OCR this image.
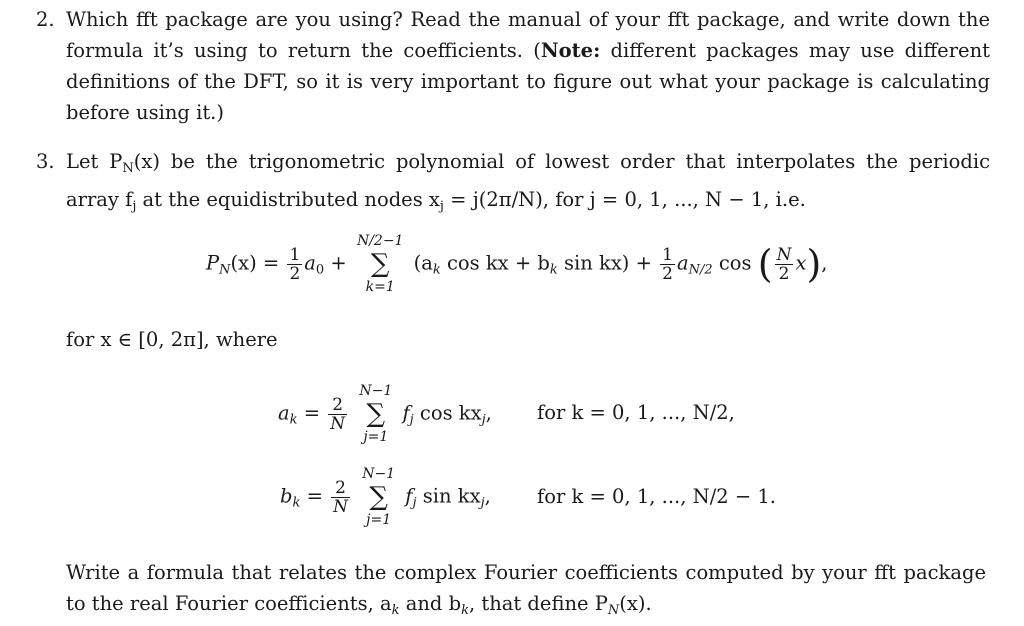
2. Which fft package are you using? Read the manual of your fft package, and write down the formula it’s using to return the coefficients. (Note: different packages may use different definitions of the DFT, so it is very important to figure out what your package is calculating before using it.)
3. Let $P_N(x)$ be the trigonometric polynomial of lowest order that interpolates the periodic array $f_j$ at the equidistributed nodes $x_j = j(2\pi/N)$, for j = 0, 1, ..., N − 1, i.e.
$P_N(x) = \frac{1}{2} a_0$ +
N/2−1
∑
k=1
($a_k$ cos kx + $b_k$ $\sin kx) + \frac{1}{2} a_{N/2}$ cos ( $\frac{N}{2} x$),
for x ∈ [0, 2π], where
$a_k = \frac{2}{N}$

N−1
∑
j=1
$f_j$ $\cos kx_j$, for k = 0, 1, ..., N/2,
$b_k = \frac{2}{N}$

N−1
∑
j=1
$f_j$ $\sin kx_j$, for k = 0, 1, ..., N/2 − 1.
Write a formula that relates the complex Fourier coefficients computed by your fft package to the real Fourier coefficients, $a_k$ and $b_k$, that define $P_N(x)$.
